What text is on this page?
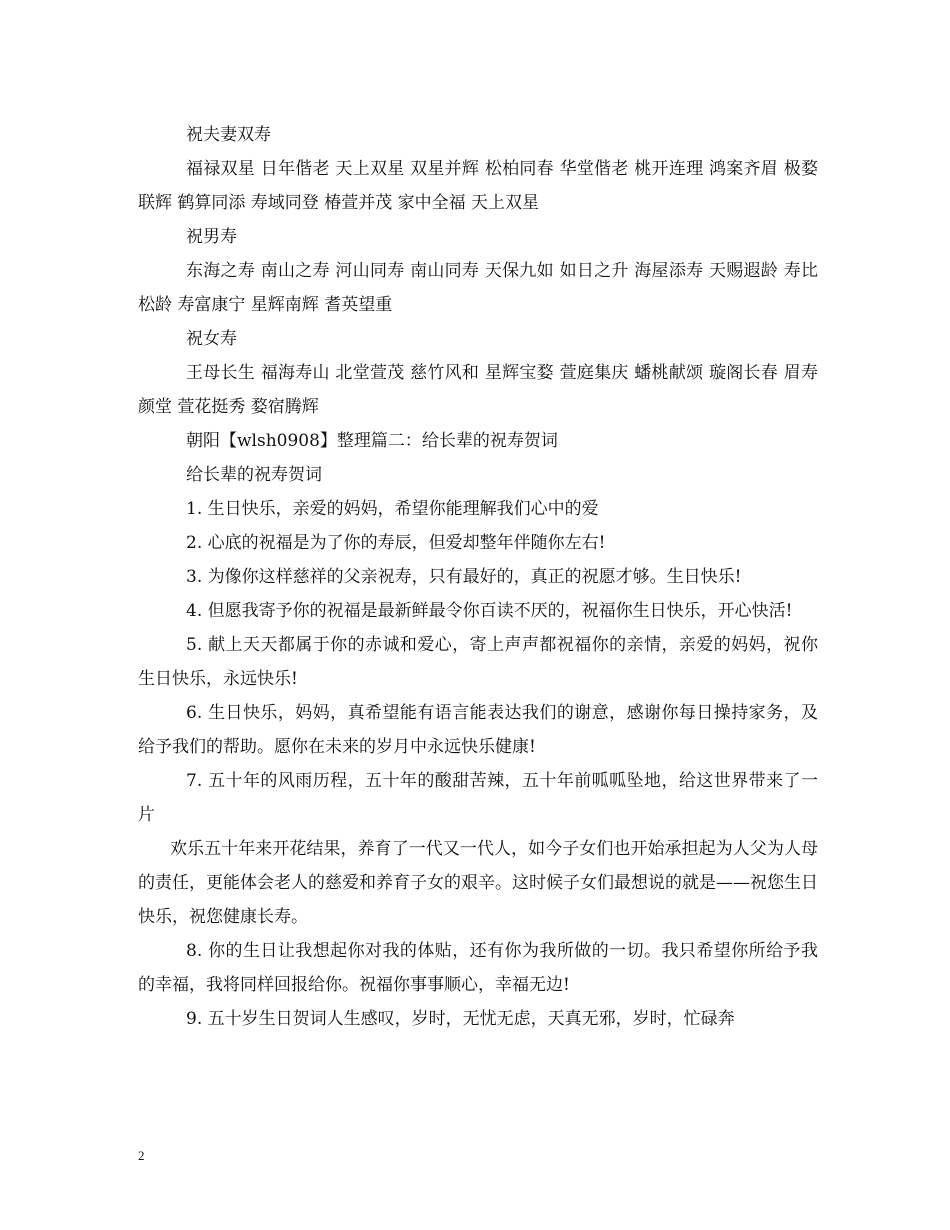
祝夫妻双寿

福禄双星 日年偕老 天上双星 双星并辉 松柏同春 华堂偕老 桃开连理 鸿案齐眉 极婺联辉 鹤算同添 寿域同登 椿萱并茂 家中全福 天上双星

祝男寿

东海之寿 南山之寿 河山同寿 南山同寿 天保九如 如日之升 海屋添寿 天赐遐龄 寿比松龄 寿富康宁 星辉南辉 耆英望重

祝女寿

王母长生 福海寿山 北堂萱茂 慈竹风和 星辉宝婺 萱庭集庆 蟠桃献颂 璇阁长春 眉寿颜堂 萱花挺秀 婺宿腾辉

朝阳【wlsh0908】整理篇二：给长辈的祝寿贺词

给长辈的祝寿贺词

1. 生日快乐，亲爱的妈妈，希望你能理解我们心中的爱

2. 心底的祝福是为了你的寿辰，但爱却整年伴随你左右!

3. 为像你这样慈祥的父亲祝寿，只有最好的，真正的祝愿才够。生日快乐!

4. 但愿我寄予你的祝福是最新鲜最令你百读不厌的，祝福你生日快乐，开心快活!

5. 献上天天都属于你的赤诚和爱心，寄上声声都祝福你的亲情，亲爱的妈妈，祝你生日快乐，永远快乐!

6. 生日快乐，妈妈，真希望能有语言能表达我们的谢意，感谢你每日操持家务，及给予我们的帮助。愿你在未来的岁月中永远快乐健康!

7. 五十年的风雨历程，五十年的酸甜苦辣，五十年前呱呱坠地，给这世界带来了一片

欢乐五十年来开花结果，养育了一代又一代人，如今子女们也开始承担起为人父为人母的责任，更能体会老人的慈爱和养育子女的艰辛。这时候子女们最想说的就是——祝您生日快乐，祝您健康长寿。

8. 你的生日让我想起你对我的体贴，还有你为我所做的一切。我只希望你所给予我的幸福，我将同样回报给你。祝福你事事顺心，幸福无边!

9. 五十岁生日贺词人生感叹，岁时，无忧无虑，天真无邪，岁时，忙碌奔

2
